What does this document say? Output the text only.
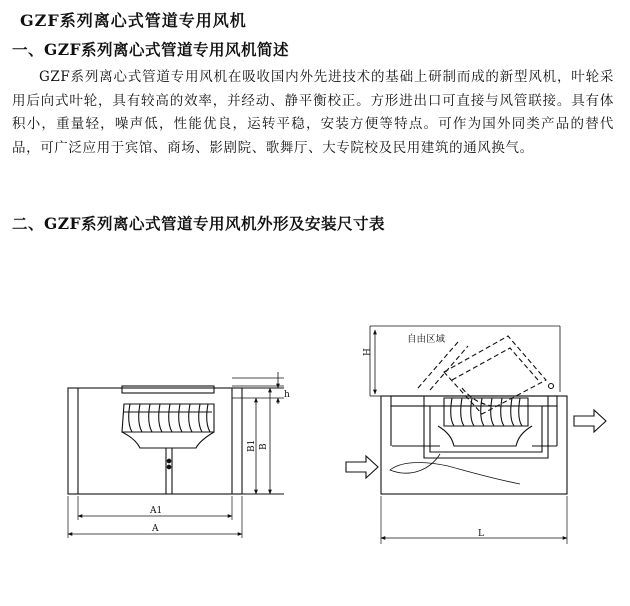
GZF系列离心式管道专用风机
一、GZF系列离心式管道专用风机简述
GZF系列离心式管道专用风机在吸收国内外先进技术的基础上研制而成的新型风机，叶轮采用后向式叶轮，具有较高的效率，并经动、静平衡校正。方形进出口可直接与风管联接。具有体积小，重量轻，噪声低，性能优良，运转平稳，安装方便等特点。可作为国外同类产品的替代品，可广泛应用于宾馆、商场、影剧院、歌舞厅、大专院校及民用建筑的通风换气。
二、GZF系列离心式管道专用风机外形及安装尺寸表
h
B1 B
A1
A
自由区域
H
L
